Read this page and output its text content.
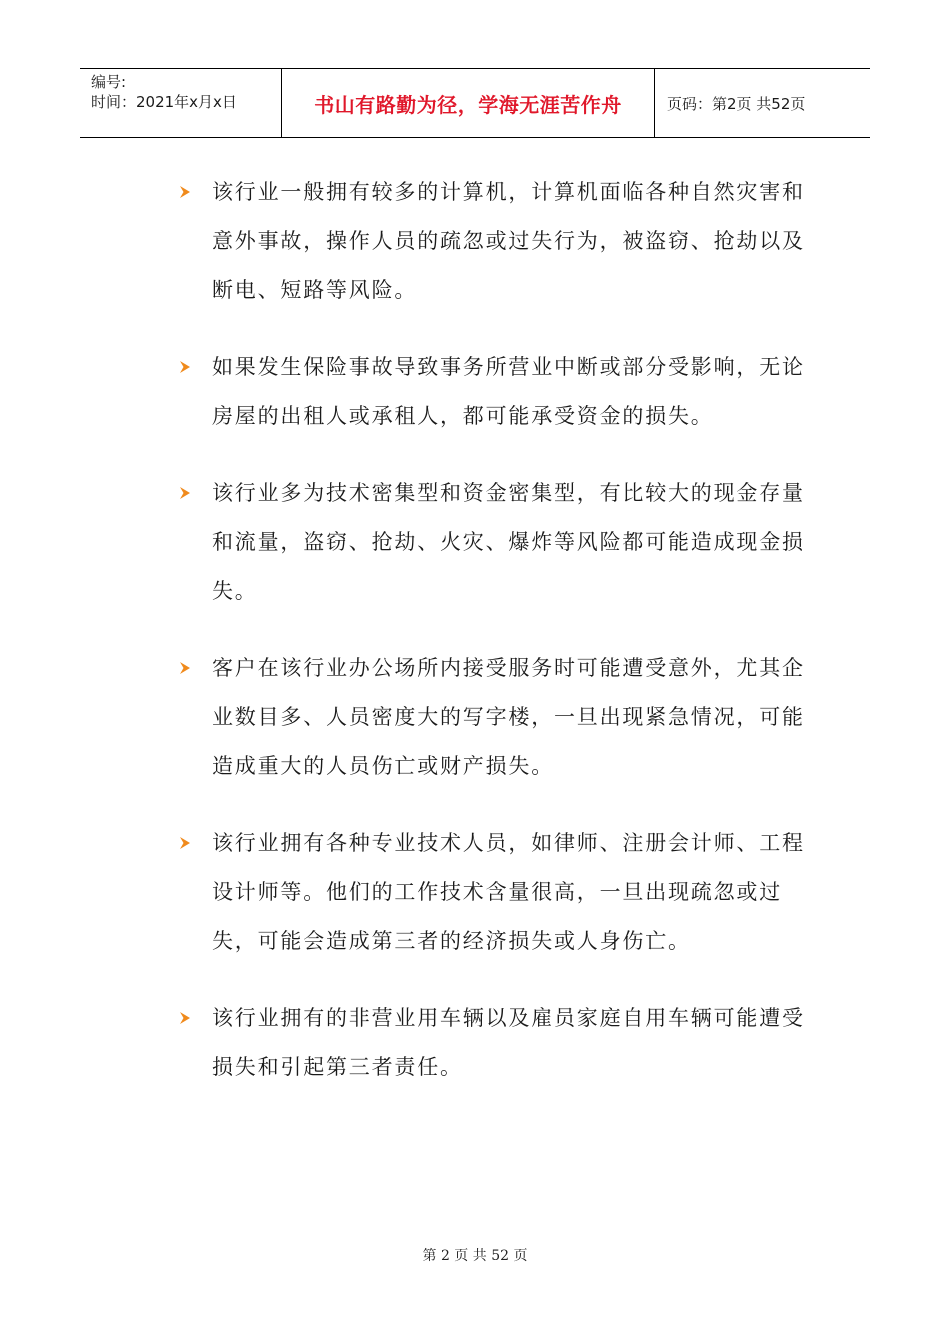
编号:
时间：2021年x月x日	书山有路勤为径，学海无涯苦作舟	页码：第2页 共52页
该行业一般拥有较多的计算机，计算机面临各种自然灾害和意外事故，操作人员的疏忽或过失行为，被盗窃、抢劫以及断电、短路等风险。
如果发生保险事故导致事务所营业中断或部分受影响，无论房屋的出租人或承租人，都可能承受资金的损失。
该行业多为技术密集型和资金密集型，有比较大的现金存量和流量，盗窃、抢劫、火灾、爆炸等风险都可能造成现金损失。
客户在该行业办公场所内接受服务时可能遭受意外，尤其企业数目多、人员密度大的写字楼，一旦出现紧急情况，可能造成重大的人员伤亡或财产损失。
该行业拥有各种专业技术人员，如律师、注册会计师、工程设计师等。他们的工作技术含量很高，一旦出现疏忽或过失，可能会造成第三者的经济损失或人身伤亡。
该行业拥有的非营业用车辆以及雇员家庭自用车辆可能遭受损失和引起第三者责任。
第 2 页 共 52 页
